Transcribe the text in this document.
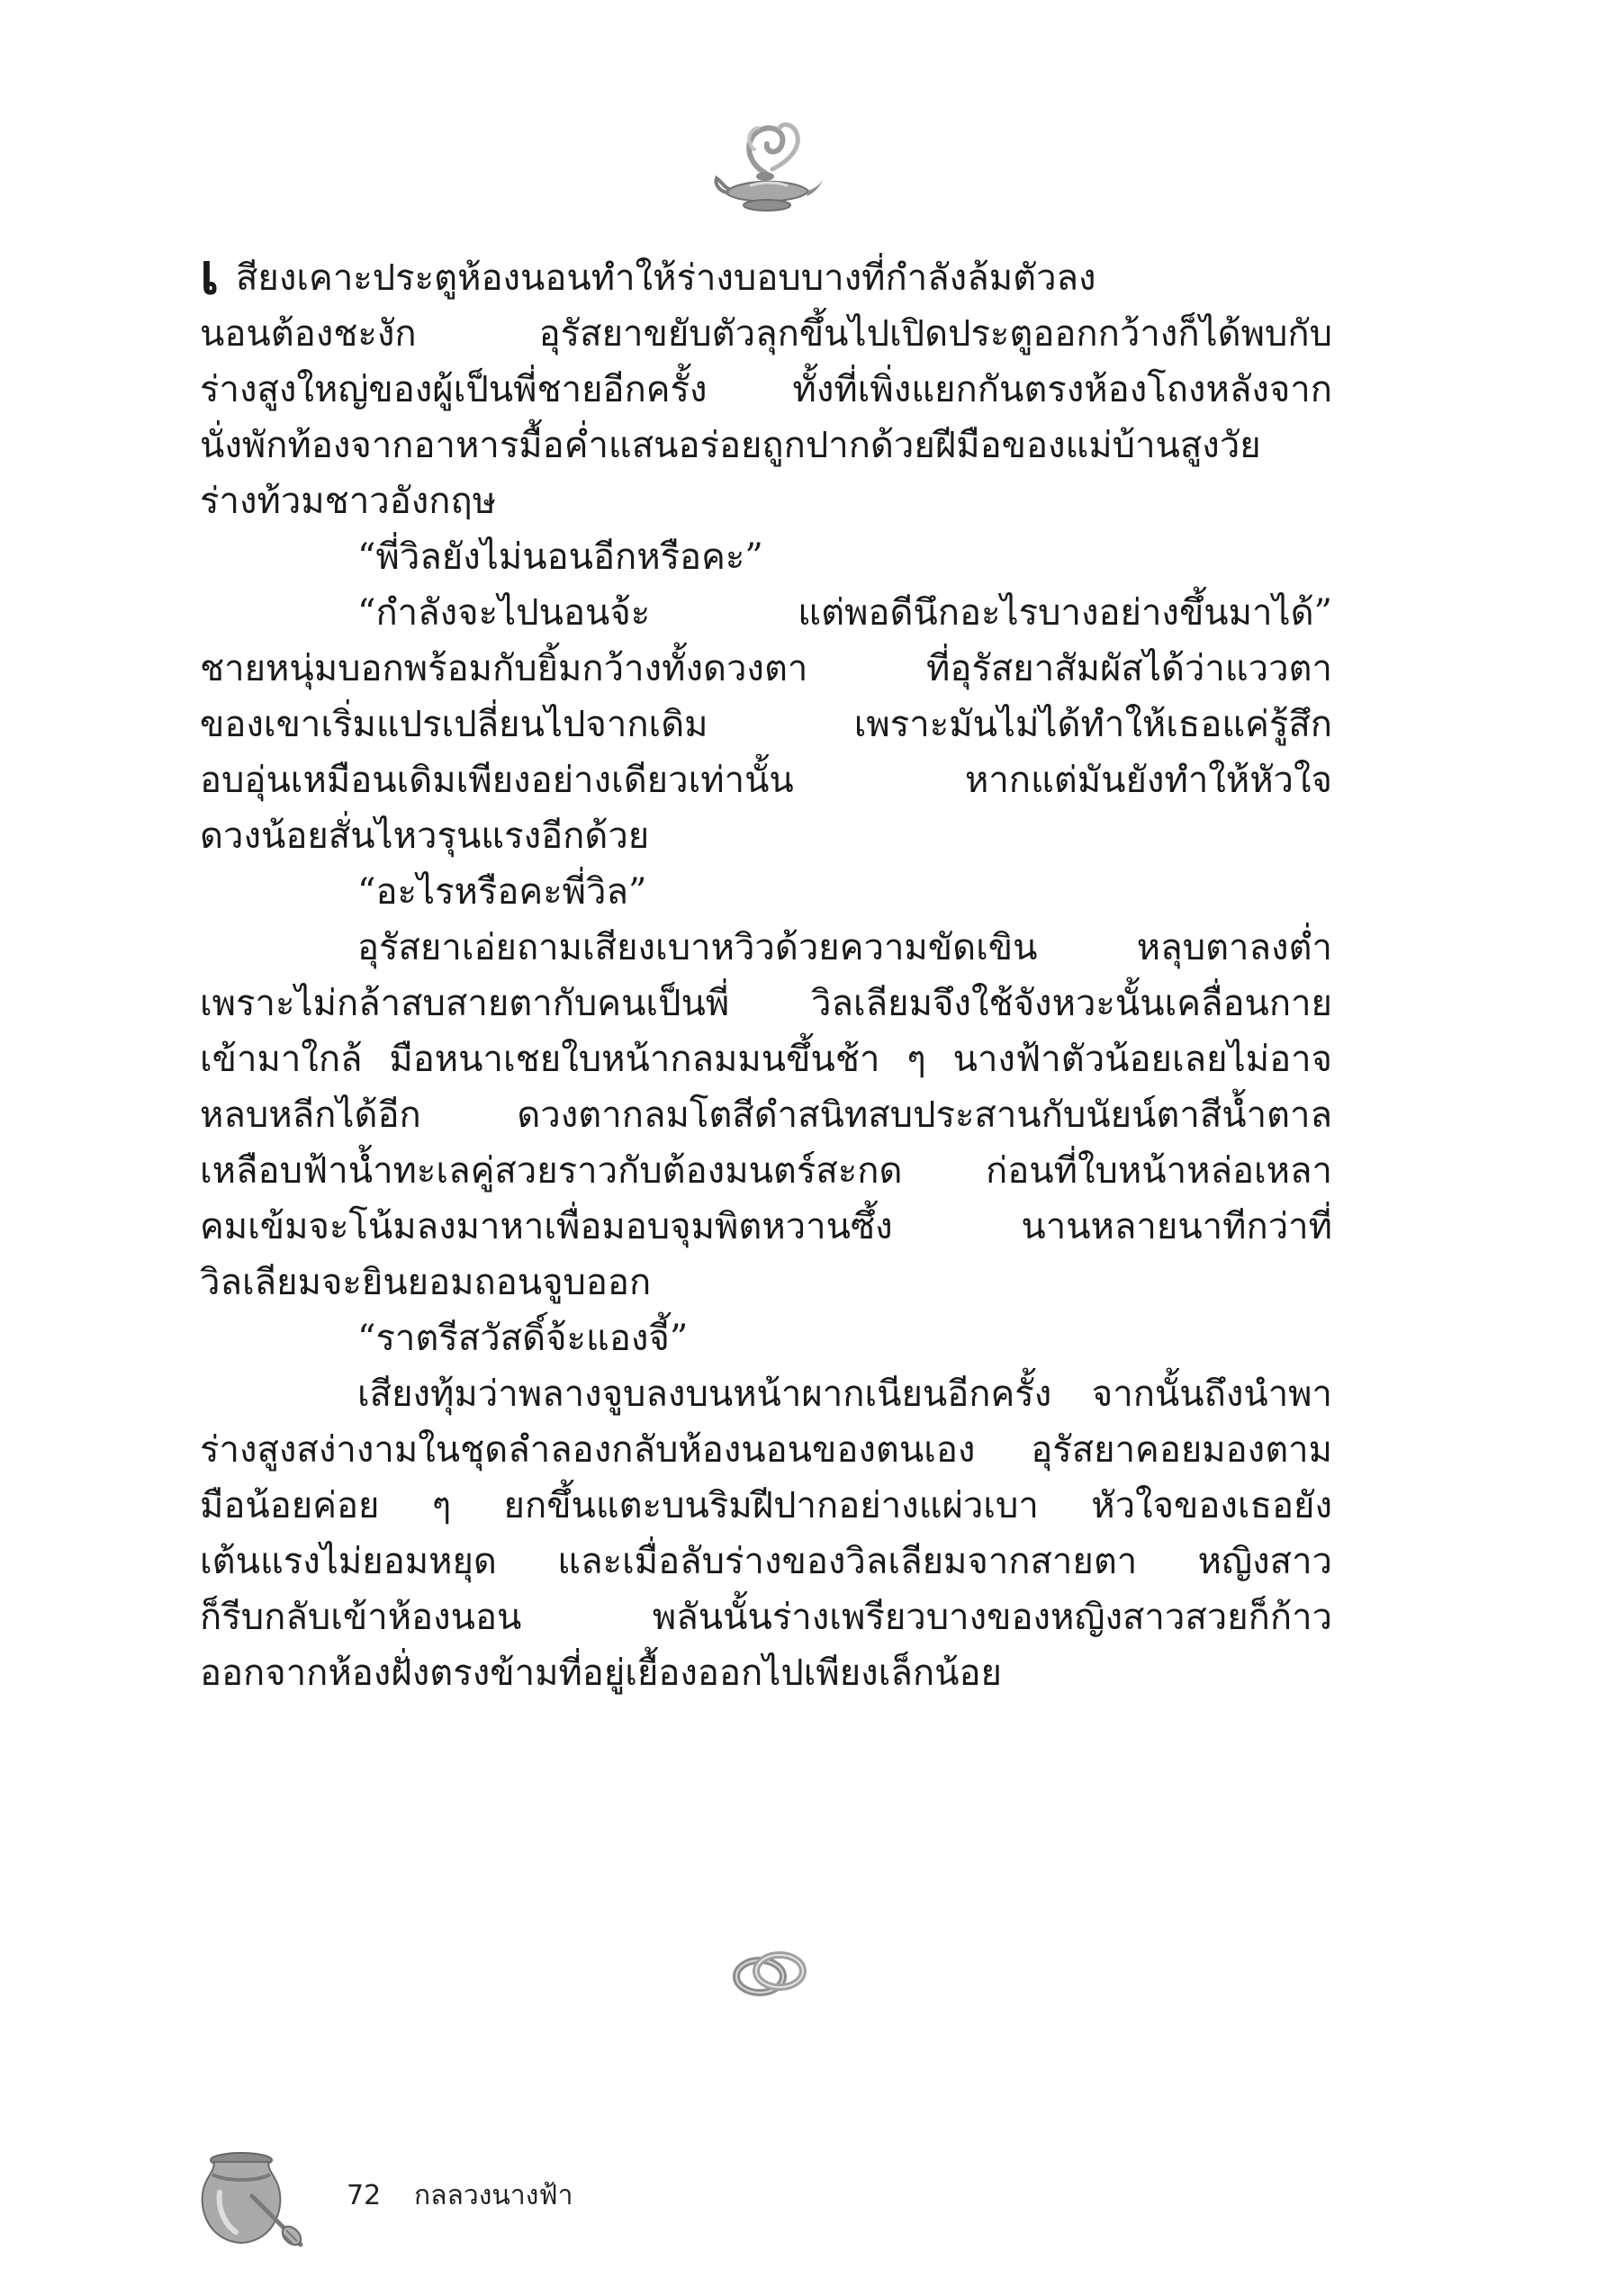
เสียงเคาะประตูห้องนอนทำให้ร่างบอบบางที่กำลังล้มตัวลง
นอนต้องชะงัก อุรัสยาขยับตัวลุกขึ้นไปเปิดประตูออกกว้างก็ได้พบกับ
ร่างสูงใหญ่ของผู้เป็นพี่ชายอีกครั้ง ทั้งที่เพิ่งแยกกันตรงห้องโถงหลังจาก
นั่งพักท้องจากอาหารมื้อค่ำแสนอร่อยถูกปากด้วยฝีมือของแม่บ้านสูงวัย
ร่างท้วมชาวอังกฤษ
“พี่วิลยังไม่นอนอีกหรือคะ”
“กำลังจะไปนอนจ้ะ แต่พอดีนึกอะไรบางอย่างขึ้นมาได้”
ชายหนุ่มบอกพร้อมกับยิ้มกว้างทั้งดวงตา ที่อุรัสยาสัมผัสได้ว่าแววตา
ของเขาเริ่มแปรเปลี่ยนไปจากเดิม เพราะมันไม่ได้ทำให้เธอแค่รู้สึก
อบอุ่นเหมือนเดิมเพียงอย่างเดียวเท่านั้น หากแต่มันยังทำให้หัวใจ
ดวงน้อยสั่นไหวรุนแรงอีกด้วย
“อะไรหรือคะพี่วิล”
อุรัสยาเอ่ยถามเสียงเบาหวิวด้วยความขัดเขิน หลุบตาลงต่ำ
เพราะไม่กล้าสบสายตากับคนเป็นพี่ วิลเลียมจึงใช้จังหวะนั้นเคลื่อนกาย
เข้ามาใกล้ มือหนาเชยใบหน้ากลมมนขึ้นช้า ๆ นางฟ้าตัวน้อยเลยไม่อาจ
หลบหลีกได้อีก ดวงตากลมโตสีดำสนิทสบประสานกับนัยน์ตาสีน้ำตาล
เหลือบฟ้าน้ำทะเลคู่สวยราวกับต้องมนตร์สะกด ก่อนที่ใบหน้าหล่อเหลา
คมเข้มจะโน้มลงมาหาเพื่อมอบจุมพิตหวานซึ้ง นานหลายนาทีกว่าที่
วิลเลียมจะยินยอมถอนจูบออก
“ราตรีสวัสดิ์จ้ะแองจี้”
เสียงทุ้มว่าพลางจูบลงบนหน้าผากเนียนอีกครั้ง จากนั้นถึงนำพา
ร่างสูงสง่างามในชุดลำลองกลับห้องนอนของตนเอง อุรัสยาคอยมองตาม
มือน้อยค่อย ๆ ยกขึ้นแตะบนริมฝีปากอย่างแผ่วเบา หัวใจของเธอยัง
เต้นแรงไม่ยอมหยุด และเมื่อลับร่างของวิลเลียมจากสายตา หญิงสาว
ก็รีบกลับเข้าห้องนอน พลันนั้นร่างเพรียวบางของหญิงสาวสวยก็ก้าว
ออกจากห้องฝั่งตรงข้ามที่อยู่เยื้องออกไปเพียงเล็กน้อย
72 กลลวงนางฟ้า
